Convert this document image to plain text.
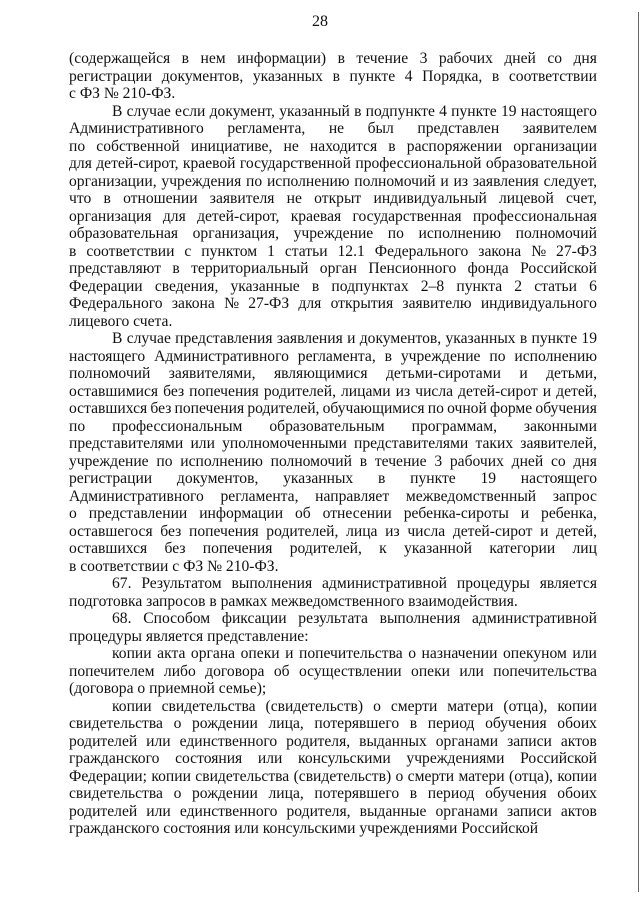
28
(содержащейся в нем информации) в течение 3 рабочих дней со дня
регистрации документов, указанных в пункте 4 Порядка, в соответствии
с ФЗ № 210-ФЗ.
В случае если документ, указанный в подпункте 4 пункте 19 настоящего
Административного регламента, не был представлен заявителем
по собственной инициативе, не находится в распоряжении организации
для детей-сирот, краевой государственной профессиональной образовательной
организации, учреждения по исполнению полномочий и из заявления следует,
что в отношении заявителя не открыт индивидуальный лицевой счет,
организация для детей-сирот, краевая государственная профессиональная
образовательная организация, учреждение по исполнению полномочий
в соответствии с пунктом 1 статьи 12.1 Федерального закона № 27-ФЗ
представляют в территориальный орган Пенсионного фонда Российской
Федерации сведения, указанные в подпунктах 2–8 пункта 2 статьи 6
Федерального закона № 27-ФЗ для открытия заявителю индивидуального
лицевого счета.
В случае представления заявления и документов, указанных в пункте 19
настоящего Административного регламента, в учреждение по исполнению
полномочий заявителями, являющимися детьми-сиротами и детьми,
оставшимися без попечения родителей, лицами из числа детей-сирот и детей,
оставшихся без попечения родителей, обучающимися по очной форме обучения
по профессиональным образовательным программам, законными
представителями или уполномоченными представителями таких заявителей,
учреждение по исполнению полномочий в течение 3 рабочих дней со дня
регистрации документов, указанных в пункте 19 настоящего
Административного регламента, направляет межведомственный запрос
о представлении информации об отнесении ребенка-сироты и ребенка,
оставшегося без попечения родителей, лица из числа детей-сирот и детей,
оставшихся без попечения родителей, к указанной категории лиц
в соответствии с ФЗ № 210-ФЗ.
67. Результатом выполнения административной процедуры является
подготовка запросов в рамках межведомственного взаимодействия.
68. Способом фиксации результата выполнения административной
процедуры является представление:
копии акта органа опеки и попечительства о назначении опекуном или
попечителем либо договора об осуществлении опеки или попечительства
(договора о приемной семье);
копии свидетельства (свидетельств) о смерти матери (отца), копии
свидетельства о рождении лица, потерявшего в период обучения обоих
родителей или единственного родителя, выданных органами записи актов
гражданского состояния или консульскими учреждениями Российской
Федерации; копии свидетельства (свидетельств) о смерти матери (отца), копии
свидетельства о рождении лица, потерявшего в период обучения обоих
родителей или единственного родителя, выданные органами записи актов
гражданского состояния или консульскими учреждениями Российской
